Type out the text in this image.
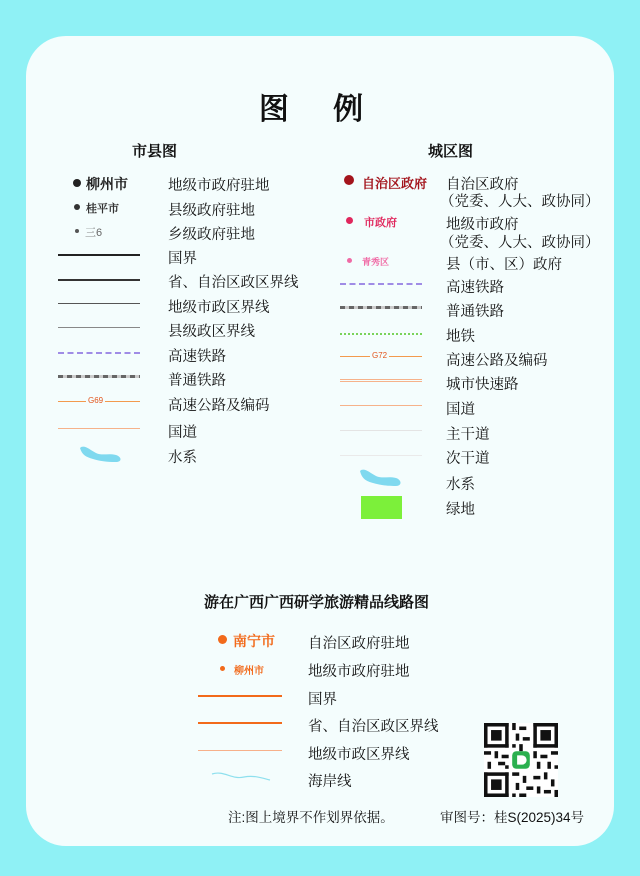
图 例
市县图
柳州市	地级市政府驻地
桂平市	县级政府驻地
三6	乡级政府驻地
国界
省、自治区政区界线
地级市政区界线
县级政区界线
高速铁路
普通铁路
G69	高速公路及编码
国道
水系
城区图
自治区政府 自治区政府
（党委、人大、政协同）
市政府	地级市政府
（党委、人大、政协同）
青秀区	县（市、区）政府
高速铁路
普通铁路
地铁
G72	高速公路及编码
城市快速路
国道
主干道
次干道
水系
绿地
游在广西广西研学旅游精品线路图
南宁市 自治区政府驻地
柳州市	地级市政府驻地
国界
省、自治区政区界线
地级市政区界线
海岸线
注:图上境界不作划界依据。	审图号：桂S(2025)34号
